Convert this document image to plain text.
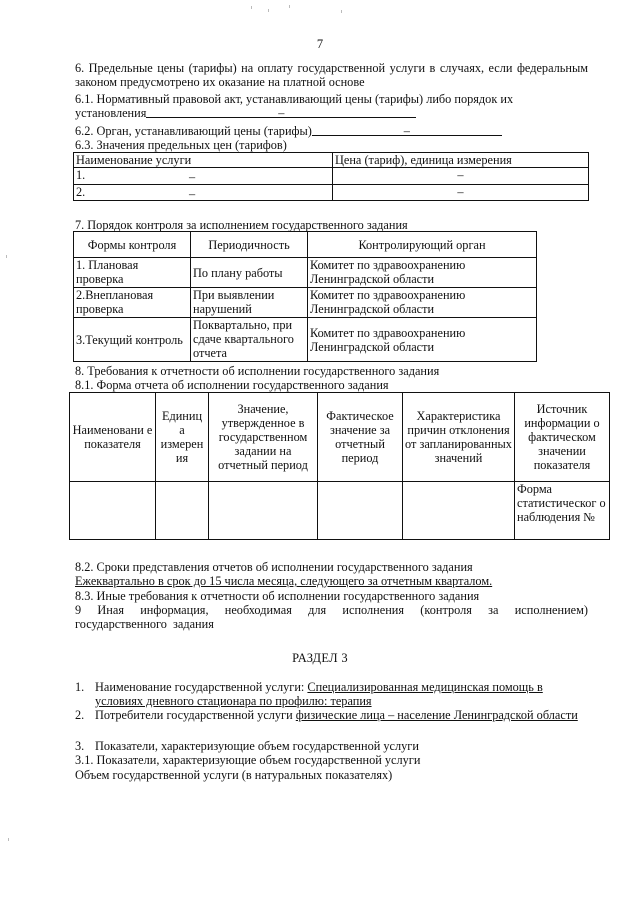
7
6. Предельные цены (тарифы) на оплату государственной услуги в случаях, если федеральным законом предусмотрено их оказание на платной основе
6.1. Нормативный правовой акт, устанавливающий цены (тарифы) либо порядок их
установления	–
6.2. Орган, устанавливающий цены (тарифы)	–
6.3. Значения предельных цен (тарифов)
Наименование услуги	Цена (тариф), единица измерения
1. –	–
2. –	–
7. Порядок контроля за исполнением государственного задания
Формы контроля	Периодичность	Контролирующий орган
1. Плановая проверка	По плану работы	Комитет по здравоохранению Ленинградской области
2.Внеплановая проверка	При выявлении нарушений	Комитет по здравоохранению Ленинградской области
3.Текущий контроль	Поквартально, при сдаче квартального отчета	Комитет по здравоохранению Ленинградской области
8. Требования к отчетности об исполнении государственного задания
8.1. Форма отчета об исполнении государственного задания
Наименовани е показателя	Единиц а измерен ия	Значение, утвержденное в государственном задании на отчетный период	Фактическое значение за отчетный период	Характеристика причин отклонения от запланированных значений	Источник информации о фактическом значении показателя
					Форма статистическог о наблюдения №
8.2. Сроки представления отчетов об исполнении государственного задания
Ежеквартально в срок до 15 числа месяца, следующего за отчетным кварталом.
8.3. Иные требования к отчетности об исполнении государственного задания
9 Иная информация, необходимая для исполнения (контроля за исполнением) государственного задания
РАЗДЕЛ 3
1. Наименование государственной услуги: Специализированная медицинская помощь в условиях дневного стационара по профилю: терапия
2. Потребители государственной услуги физические лица – население Ленинградской области
3. Показатели, характеризующие объем государственной услуги
3.1. Показатели, характеризующие объем государственной услуги
Объем государственной услуги (в натуральных показателях)
